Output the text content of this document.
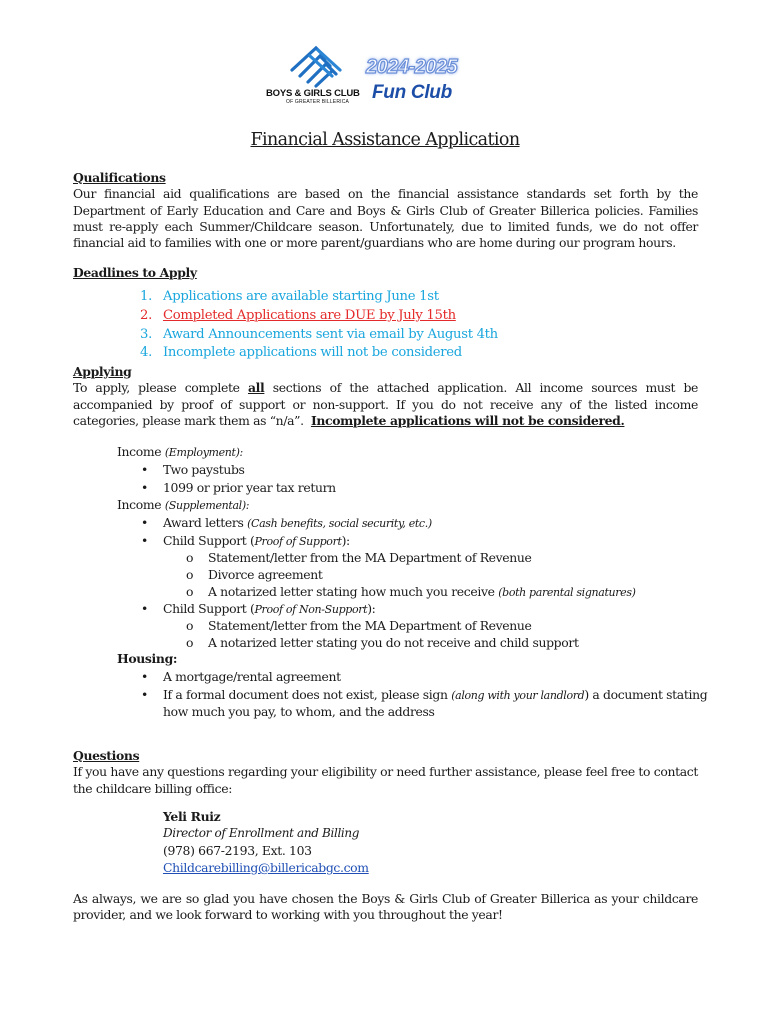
BOYS & GIRLS CLUB
OF GREATER BILLERICA
2024-2025
Fun Club
Financial Assistance Application
Qualifications
Our financial aid qualifications are based on the financial assistance standards set forth by the Department of Early Education and Care and Boys & Girls Club of Greater Billerica policies. Families must re-apply each Summer/Childcare season. Unfortunately, due to limited funds, we do not offer financial aid to families with one or more parent/guardians who are home during our program hours.
Deadlines to Apply
1. Applications are available starting June 1st
2. Completed Applications are DUE by July 15th
3. Award Announcements sent via email by August 4th
4. Incomplete applications will not be considered
Applying
To apply, please complete all sections of the attached application. All income sources must be accompanied by proof of support or non-support. If you do not receive any of the listed income categories, please mark them as “n/a”. Incomplete applications will not be considered.
Income (Employment):
• Two paystubs
• 1099 or prior year tax return
Income (Supplemental):
• Award letters (Cash benefits, social security, etc.)
• Child Support (Proof of Support):
o Statement/letter from the MA Department of Revenue
o Divorce agreement
o A notarized letter stating how much you receive (both parental signatures)
• Child Support (Proof of Non-Support):
o Statement/letter from the MA Department of Revenue
o A notarized letter stating you do not receive and child support
Housing:
• A mortgage/rental agreement
• If a formal document does not exist, please sign (along with your landlord) a document stating
how much you pay, to whom, and the address
Questions
If you have any questions regarding your eligibility or need further assistance, please feel free to contact the childcare billing office:
Yeli Ruiz
Director of Enrollment and Billing
(978) 667-2193, Ext. 103
Childcarebilling@billericabgc.com
As always, we are so glad you have chosen the Boys & Girls Club of Greater Billerica as your childcare provider, and we look forward to working with you throughout the year!
